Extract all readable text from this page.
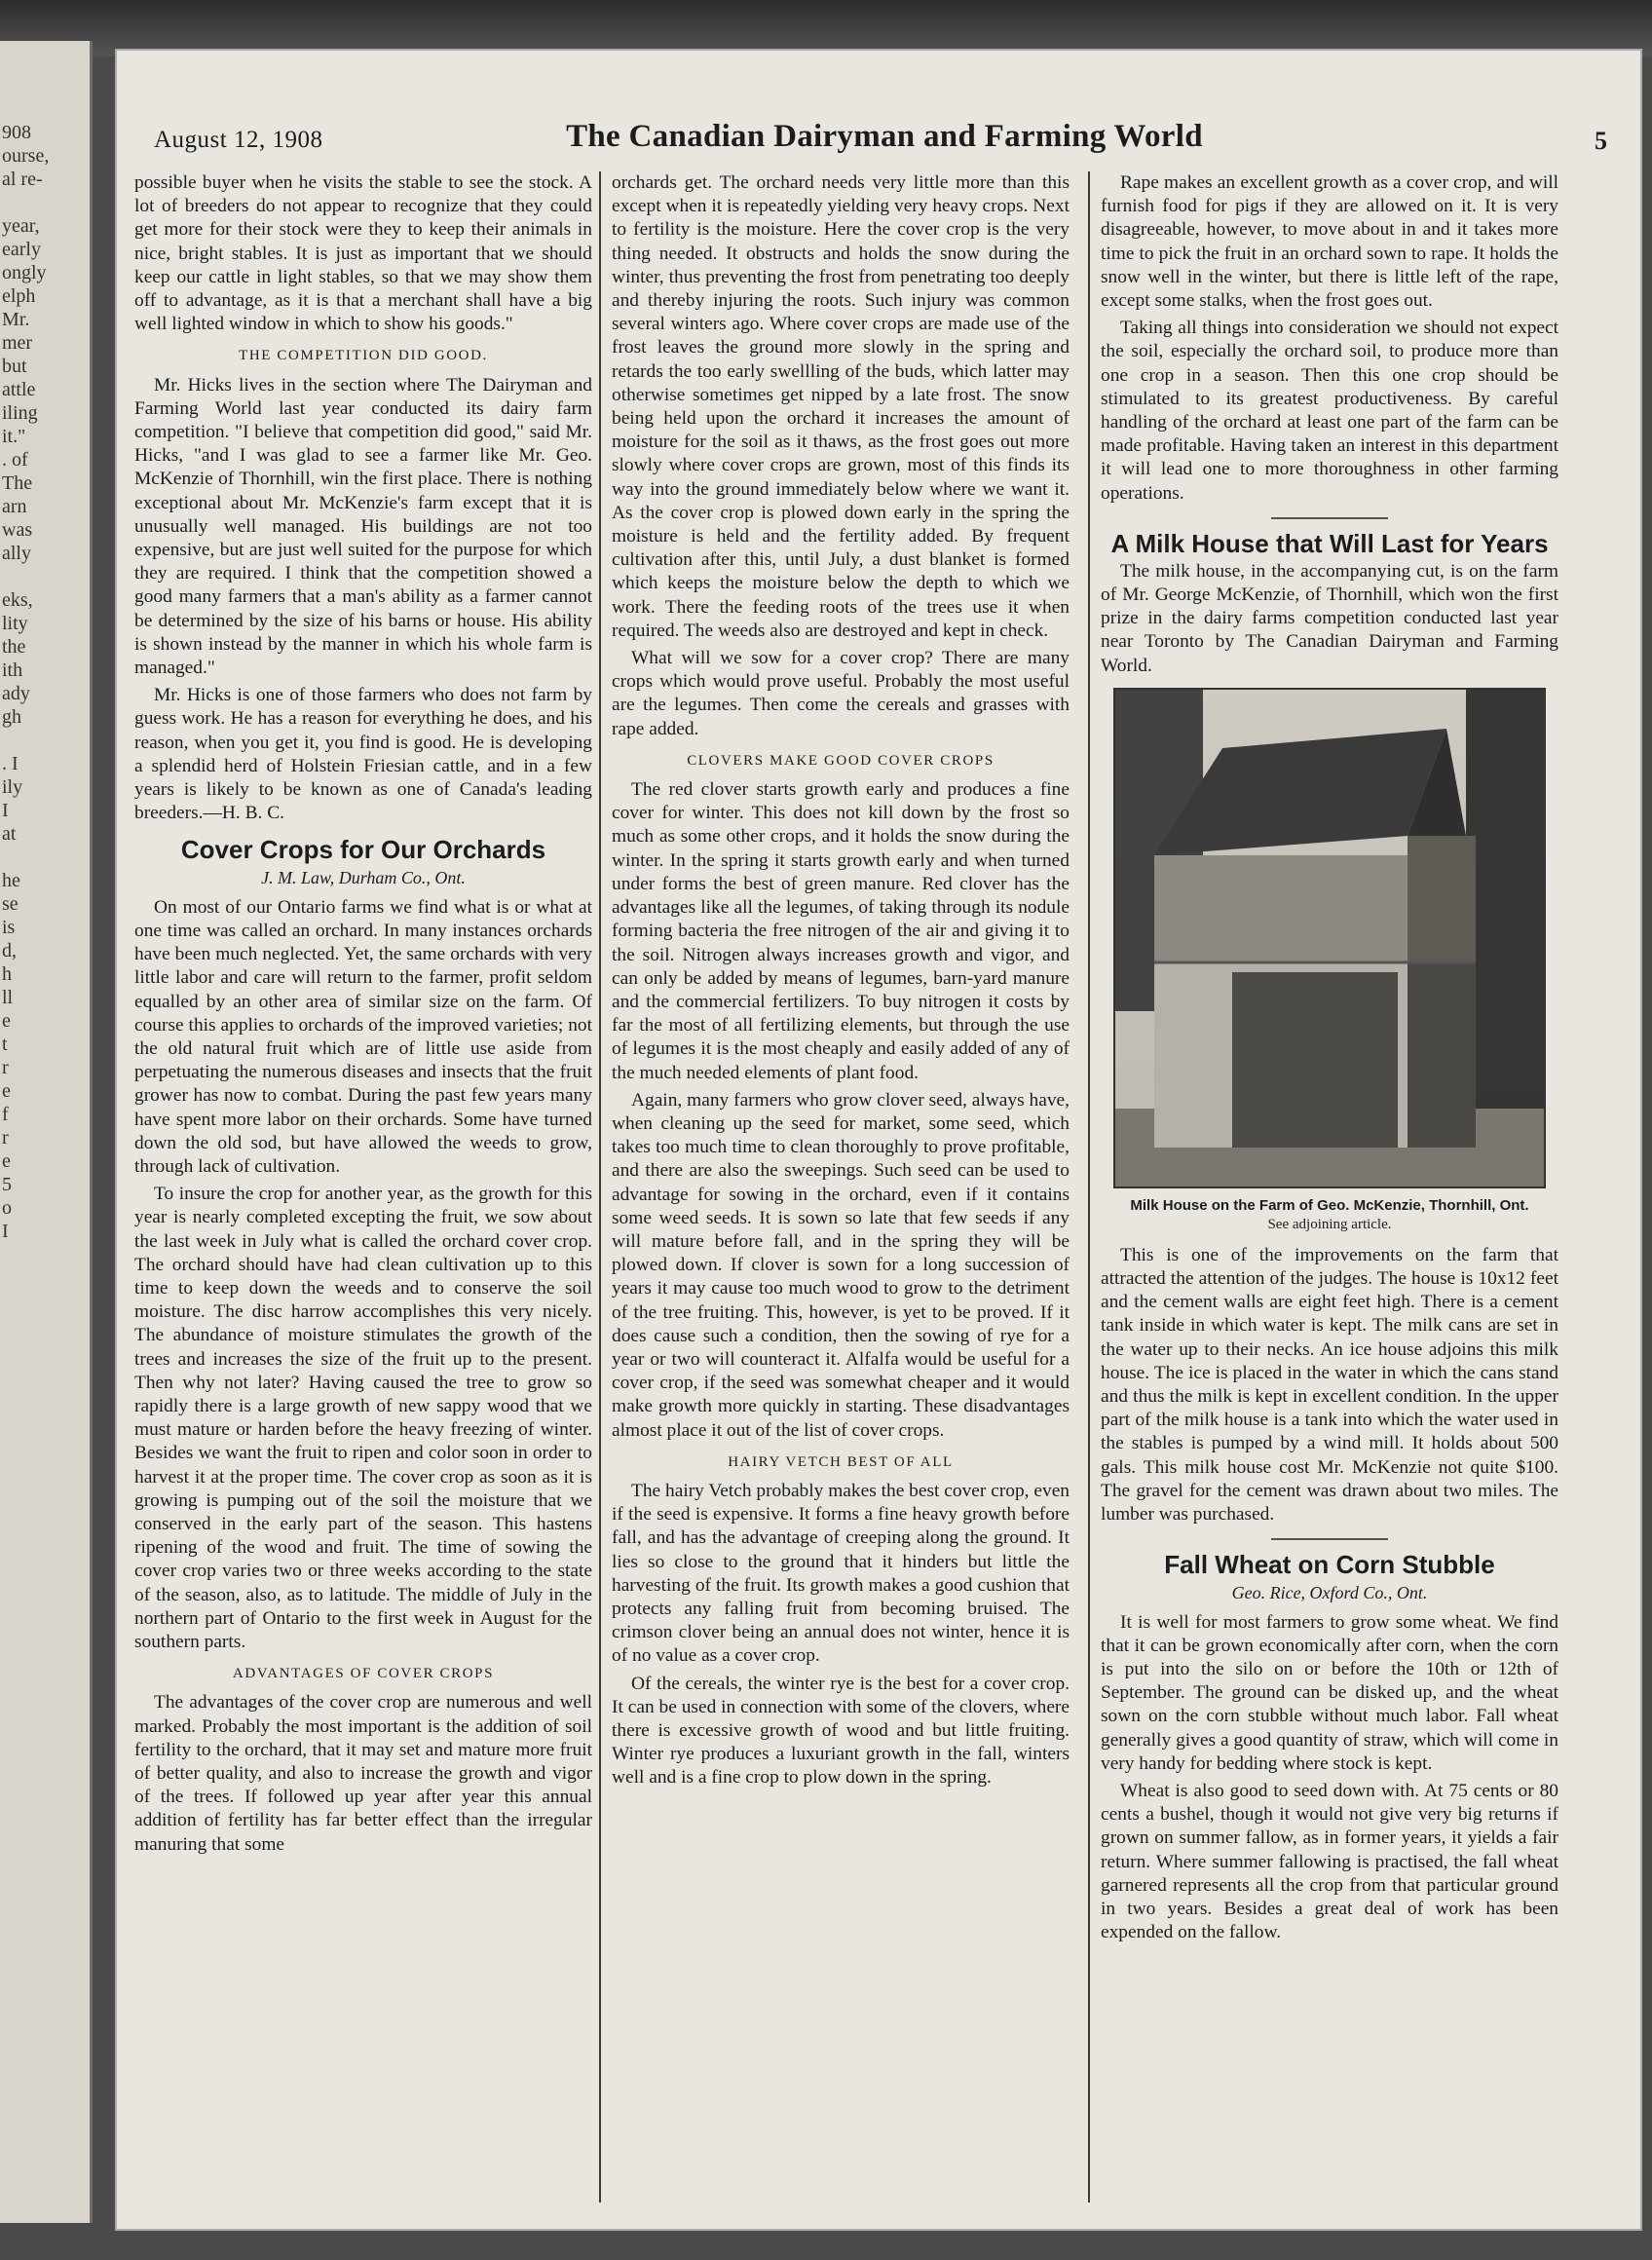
908
ourse,
al re-

year,
early
ongly
elph
Mr.
mer
but
attle
iling
it."
. of
The
arn
was
ally

eks,
lity
the
ith
ady
gh

. I
ily
I
at

he
se
is
d,
h
ll
e
t
r
e
f
r
e
5
o
I
August 12, 1908	The Canadian Dairyman and Farming World	5

possible buyer when he visits the stable to see the stock. A lot of breeders do not appear to recognize that they could get more for their stock were they to keep their animals in nice, bright stables. It is just as important that we should keep our cattle in light stables, so that we may show them off to advantage, as it is that a merchant shall have a big well lighted window in which to show his goods."

THE COMPETITION DID GOOD.

Mr. Hicks lives in the section where The Dairyman and Farming World last year conducted its dairy farm competition. "I believe that competition did good," said Mr. Hicks, "and I was glad to see a farmer like Mr. Geo. McKenzie of Thornhill, win the first place. There is nothing exceptional about Mr. McKenzie's farm except that it is unusually well managed. His buildings are not too expensive, but are just well suited for the purpose for which they are required. I think that the competition showed a good many farmers that a man's ability as a farmer cannot be determined by the size of his barns or house. His ability is shown instead by the manner in which his whole farm is managed."

Mr. Hicks is one of those farmers who does not farm by guess work. He has a reason for everything he does, and his reason, when you get it, you find is good. He is developing a splendid herd of Holstein Friesian cattle, and in a few years is likely to be known as one of Canada's leading breeders.—H. B. C.

Cover Crops for Our Orchards
J. M. Law, Durham Co., Ont.

On most of our Ontario farms we find what is or what at one time was called an orchard. In many instances orchards have been much neglected. Yet, the same orchards with very little labor and care will return to the farmer, profit seldom equalled by an other area of similar size on the farm. Of course this applies to orchards of the improved varieties; not the old natural fruit which are of little use aside from perpetuating the numerous diseases and insects that the fruit grower has now to combat. During the past few years many have spent more labor on their orchards. Some have turned down the old sod, but have allowed the weeds to grow, through lack of cultivation.

To insure the crop for another year, as the growth for this year is nearly completed excepting the fruit, we sow about the last week in July what is called the orchard cover crop. The orchard should have had clean cultivation up to this time to keep down the weeds and to conserve the soil moisture. The disc harrow accomplishes this very nicely. The abundance of moisture stimulates the growth of the trees and increases the size of the fruit up to the present. Then why not later? Having caused the tree to grow so rapidly there is a large growth of new sappy wood that we must mature or harden before the heavy freezing of winter. Besides we want the fruit to ripen and color soon in order to harvest it at the proper time. The cover crop as soon as it is growing is pumping out of the soil the moisture that we conserved in the early part of the season. This hastens ripening of the wood and fruit. The time of sowing the cover crop varies two or three weeks according to the state of the season, also, as to latitude. The middle of July in the northern part of Ontario to the first week in August for the southern parts.

ADVANTAGES OF COVER CROPS

The advantages of the cover crop are numerous and well marked. Probably the most important is the addition of soil fertility to the orchard, that it may set and mature more fruit of better quality, and also to increase the growth and vigor of the trees. If followed up year after year this annual addition of fertility has far better effect than the irregular manuring that some

orchards get. The orchard needs very little more than this except when it is repeatedly yielding very heavy crops. Next to fertility is the moisture. Here the cover crop is the very thing needed. It obstructs and holds the snow during the winter, thus preventing the frost from penetrating too deeply and thereby injuring the roots. Such injury was common several winters ago. Where cover crops are made use of the frost leaves the ground more slowly in the spring and retards the too early swellling of the buds, which latter may otherwise sometimes get nipped by a late frost. The snow being held upon the orchard it increases the amount of moisture for the soil as it thaws, as the frost goes out more slowly where cover crops are grown, most of this finds its way into the ground immediately below where we want it. As the cover crop is plowed down early in the spring the moisture is held and the fertility added. By frequent cultivation after this, until July, a dust blanket is formed which keeps the moisture below the depth to which we work. There the feeding roots of the trees use it when required. The weeds also are destroyed and kept in check.

What will we sow for a cover crop? There are many crops which would prove useful. Probably the most useful are the legumes. Then come the cereals and grasses with rape added.

CLOVERS MAKE GOOD COVER CROPS

The red clover starts growth early and produces a fine cover for winter. This does not kill down by the frost so much as some other crops, and it holds the snow during the winter. In the spring it starts growth early and when turned under forms the best of green manure. Red clover has the advantages like all the legumes, of taking through its nodule forming bacteria the free nitrogen of the air and giving it to the soil. Nitrogen always increases growth and vigor, and can only be added by means of legumes, barn-yard manure and the commercial fertilizers. To buy nitrogen it costs by far the most of all fertilizing elements, but through the use of legumes it is the most cheaply and easily added of any of the much needed elements of plant food.

Again, many farmers who grow clover seed, always have, when cleaning up the seed for market, some seed, which takes too much time to clean thoroughly to prove profitable, and there are also the sweepings. Such seed can be used to advantage for sowing in the orchard, even if it contains some weed seeds. It is sown so late that few seeds if any will mature before fall, and in the spring they will be plowed down. If clover is sown for a long succession of years it may cause too much wood to grow to the detriment of the tree fruiting. This, however, is yet to be proved. If it does cause such a condition, then the sowing of rye for a year or two will counteract it. Alfalfa would be useful for a cover crop, if the seed was somewhat cheaper and it would make growth more quickly in starting. These disadvantages almost place it out of the list of cover crops.

HAIRY VETCH BEST OF ALL

The hairy Vetch probably makes the best cover crop, even if the seed is expensive. It forms a fine heavy growth before fall, and has the advantage of creeping along the ground. It lies so close to the ground that it hinders but little the harvesting of the fruit. Its growth makes a good cushion that protects any falling fruit from becoming bruised. The crimson clover being an annual does not winter, hence it is of no value as a cover crop.

Of the cereals, the winter rye is the best for a cover crop. It can be used in connection with some of the clovers, where there is excessive growth of wood and but little fruiting. Winter rye produces a luxuriant growth in the fall, winters well and is a fine crop to plow down in the spring.

Rape makes an excellent growth as a cover crop, and will furnish food for pigs if they are allowed on it. It is very disagreeable, however, to move about in and it takes more time to pick the fruit in an orchard sown to rape. It holds the snow well in the winter, but there is little left of the rape, except some stalks, when the frost goes out.

Taking all things into consideration we should not expect the soil, especially the orchard soil, to produce more than one crop in a season. Then this one crop should be stimulated to its greatest productiveness. By careful handling of the orchard at least one part of the farm can be made profitable. Having taken an interest in this department it will lead one to more thoroughness in other farming operations.

A Milk House that Will Last for Years

The milk house, in the accompanying cut, is on the farm of Mr. George McKenzie, of Thornhill, which won the first prize in the dairy farms competition conducted last year near Toronto by The Canadian Dairyman and Farming World.

Milk House on the Farm of Geo. McKenzie, Thornhill, Ont.
See adjoining article.

This is one of the improvements on the farm that attracted the attention of the judges. The house is 10x12 feet and the cement walls are eight feet high. There is a cement tank inside in which water is kept. The milk cans are set in the water up to their necks. An ice house adjoins this milk house. The ice is placed in the water in which the cans stand and thus the milk is kept in excellent condition. In the upper part of the milk house is a tank into which the water used in the stables is pumped by a wind mill. It holds about 500 gals. This milk house cost Mr. McKenzie not quite $100. The gravel for the cement was drawn about two miles. The lumber was purchased.

Fall Wheat on Corn Stubble
Geo. Rice, Oxford Co., Ont.

It is well for most farmers to grow some wheat. We find that it can be grown economically after corn, when the corn is put into the silo on or before the 10th or 12th of September. The ground can be disked up, and the wheat sown on the corn stubble without much labor. Fall wheat generally gives a good quantity of straw, which will come in very handy for bedding where stock is kept.

Wheat is also good to seed down with. At 75 cents or 80 cents a bushel, though it would not give very big returns if grown on summer fallow, as in former years, it yields a fair return. Where summer fallowing is practised, the fall wheat garnered represents all the crop from that particular ground in two years. Besides a great deal of work has been expended on the fallow.
